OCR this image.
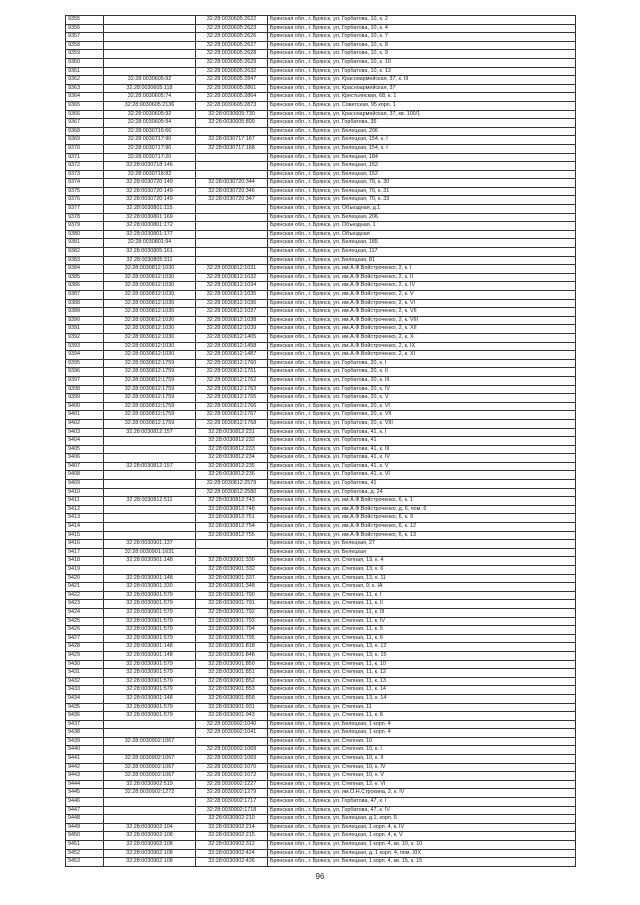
9355		32:28:0030605:2622	Брянская обл., г. Брянск, ул. Горбатова, 10, к. 2
9356		32:28:0030605:2623	Брянская обл., г. Брянск, ул. Горбатова, 10, к. 4
9357		32:28:0030605:2626	Брянская обл., г. Брянск, ул. Горбатова, 10, к. 7
9358		32:28:0030605:2627	Брянская обл., г. Брянск, ул. Горбатова, 10, к. 8
9359		32:28:0030605:2628	Брянская обл., г. Брянск, ул. Горбатова, 10, к. 9
9360		32:28:0030605:2629	Брянская обл., г. Брянск, ул. Горбатова, 10, к. 10
9361		32:28:0030605:2632	Брянская обл., г. Брянск, ул. Горбатова, 10, к. 13
9362	32:28:0030605:92	32:28:0030605:2847	Брянская обл., г. Брянск, ул. Красноармейская, 37, к. III
9363	32:28:0030605:118	32:28:0030605:2861	Брянская обл., г. Брянск, ул. Красноармейская, 37
9364	32:28:0030605:74	32:28:0030605:2864	Брянская обл., г. Брянск, ул. Крестьянская, 68, к. 1
9365	32:28:0030605:2136	32:28:0030605:2873	Брянская обл., г. Брянск, ул. Советская, 95 корп. 1
9366	32:28:0030605:92	32:28:0030605:730	Брянская обл., г. Брянск, ул. Красноармейская, 37, кв. 100/1
9367	32:28:0030605:94	32:28:0030605:809	Брянская обл., г. Брянск, ул. Горбатова, 35
9368	32:28:0030716:66		Брянская обл., г. Брянск, ул. Белецкая, 206
9369	32:28:0030717:90	32:28:0030717:167	Брянская обл., г. Брянск, ул. Белецкая, 154, к. I
9370	32:28:0030717:90	32:28:0030717:168	Брянская обл., г. Брянск, ул. Белецкая, 154, к. I
9371	32:28:0030717:20		Брянская обл., г. Брянск, ул. Белецкая, 184
9372	32:28:0030718:146		Брянская обл., г. Брянск, ул. Белецкая, 152
9373	32:28:0030718:82		Брянская обл., г. Брянск, ул. Белецкая, 152
9374	32:28:0030720:149	32:28:0030720:344	Брянская обл., г. Брянск, ул. Белецкая, 70, к. 30
9375	32:28:0030720:149	32:28:0030720:346	Брянская обл., г. Брянск, ул. Белецкая, 70, к. 31
9376	32:28:0030720:149	32:28:0030720:347	Брянская обл., г. Брянск, ул. Белецкая, 70, к. 33
9377	32:28:0030801:115		Брянская обл., г. Брянск, ул. Объездная, д.1
9378	32:28:0030801:169		Брянская обл., г. Брянск, ул. Белецкая, 206
9379	32:28:0030801:172		Брянская обл., г. Брянск, ул. Объездная, 1
9380	32:28:0030801:177		Брянская обл., г. Брянск, ул. Объездная
9381	32:28:0030801:94		Брянская обл., г. Брянск, ул. Белецкая, 185
9382	32:28:0030805:161		Брянская обл., г. Брянск, ул. Белецкая, 117
9383	32:28:0030805:311		Брянская обл., г. Брянск, ул. Белецкая, 81
9384	32:28:0030812:1030	32:28:0030812:1031	Брянская обл., г. Брянск, ул. им.А.Ф.Войстроченко, 2, к. I
9385	32:28:0030812:1030	32:28:0030812:1032	Брянская обл., г. Брянск, ул. им.А.Ф.Войстроченко, 2, к. II
9386	32:28:0030812:1030	32:28:0030812:1034	Брянская обл., г. Брянск, ул. им.А.Ф.Войстроченко, 2, к. IV
9387	32:28:0030812:1030	32:28:0030812:1035	Брянская обл., г. Брянск, ул. им.А.Ф.Войстроченко, 2, к. V
9388	32:28:0030812:1030	32:28:0030812:1036	Брянская обл., г. Брянск, ул. им.А.Ф.Войстроченко, 2, к. VI
9389	32:28:0030812:1030	32:28:0030812:1037	Брянская обл., г. Брянск, ул. им.А.Ф.Войстроченко, 2, к. VII
9390	32:28:0030812:1030	32:28:0030812:1038	Брянская обл., г. Брянск, ул. им.А.Ф.Войстроченко, 2, к. VIII
9391	32:28:0030812:1030	32:28:0030812:1039	Брянская обл., г. Брянск, ул. им.А.Ф.Войстроченко, 2, к. XII
9392	32:28:0030812:1030	32:28:0030812:1405	Брянская обл., г. Брянск, ул. им.А.Ф.Войстроченко, 2, к. X
9393	32:28:0030812:1030	32:28:0030812:1458	Брянская обл., г. Брянск, ул. им.А.Ф.Войстроченко, 2, к. IX
9394	32:28:0030812:1030	32:28:0030812:1487	Брянская обл., г. Брянск, ул. им.А.Ф.Войстроченко, 2, к. XI
9395	32:28:0030812:1759	32:28:0030812:1760	Брянская обл., г. Брянск, ул. Горбатова, 20, к. I
9396	32:28:0030812:1759	32:28:0030812:1761	Брянская обл., г. Брянск, ул. Горбатова, 20, к. II
9397	32:28:0030812:1759	32:28:0030812:1762	Брянская обл., г. Брянск, ул. Горбатова, 20, к. III
9398	32:28:0030812:1759	32:28:0030812:1763	Брянская обл., г. Брянск, ул. Горбатова, 20, к. IV
9399	32:28:0030812:1759	32:28:0030812:1765	Брянская обл., г. Брянск, ул. Горбатова, 20, к. V
9400	32:28:0030812:1759	32:28:0030812:1766	Брянская обл., г. Брянск, ул. Горбатова, 20, к. VI
9401	32:28:0030812:1759	32:28:0030812:1767	Брянская обл., г. Брянск, ул. Горбатова, 20, к. VII
9402	32:28:0030812:1759	32:28:0030812:1768	Брянская обл., г. Брянск, ул. Горбатова, 20, к. VIII
9403	32:28:0030812:157	32:28:0030812:231	Брянская обл., г. Брянск, ул. Горбатова, 41, к. I
9404		32:28:0030812:232	Брянская обл., г. Брянск, ул. Горбатова, 41
9405		32:28:0030812:233	Брянская обл., г. Брянск, ул. Горбатова, 41, к. III
9406		32:28:0030812:234	Брянская обл., г. Брянск, ул. Горбатова, 41, к. IV
9407	32:28:0030812:157	32:28:0030812:235	Брянская обл., г. Брянск, ул. Горбатова, 41, к. V
9408		32:28:0030812:236	Брянская обл., г. Брянск, ул. Горбатова, 41, к. VI
9409		32:28:0030812:2579	Брянская обл., г. Брянск, ул. Горбатова, 41
9410		32:28:0030812:2580	Брянская обл., г. Брянск, ул. Горбатова, д. 24
9411	32:28:0030812:511	32:28:0030812:743	Брянская обл., г. Брянск, ул. им.А.Ф.Войстроченко, 6, к. 1
9412		32:28:0030812:748	Брянская обл., г. Брянск, ул. им.А.Ф.Войстроченко, д. 6, пом. 6
9413		32:28:0030812:751	Брянская обл., г. Брянск, ул. им.А.Ф.Войстроченко, 6, к. 9
9414		32:28:0030812:754	Брянская обл., г. Брянск, ул. им.А.Ф.Войстроченко, 6, к. 12
9415		32:28:0030812:755	Брянская обл., г. Брянск, ул. им.А.Ф.Войстроченко, 6, к. 13
9416	32:28:0030901:137		Брянская обл., г. Брянск, ул. Белецкая, 27
9417	32:28:0030901:1631		Брянская обл., г. Брянск, ул. Белецкая
9418	32:28:0030901:148	32:28:0030901:330	Брянская обл., г. Брянск, ул. Степная, 13, к. 4
9419		32:28:0030901:332	Брянская обл., г. Брянск, ул. Степная, 13, к. 6
9420	32:28:0030901:148	32:28:0030901:337	Брянская обл., г. Брянск, ул. Степная, 13, к. 11
9421	32:28:0030901:330	32:28:0030901:348	Брянская обл., г. Брянск, ул. Степная, 9, к. IA
9422	32:28:0030901:579	32:28:0030901:790	Брянская обл., г. Брянск, ул. Степная, 11, к. I
9423	32:28:0030901:579	32:28:0030901:791	Брянская обл., г. Брянск, ул. Степная, 11, к. II
9424	32:28:0030901:579	32:28:0030901:792	Брянская обл., г. Брянск, ул. Степная, 11, к. III
9425	32:28:0030901:579	32:28:0030901:793	Брянская обл., г. Брянск, ул. Степная, 11, к. IV
9426	32:28:0030901:579	32:28:0030901:794	Брянская обл., г. Брянск, ул. Степная, 11, к. 5
9427	32:28:0030901:579	32:28:0030901:795	Брянская обл., г. Брянск, ул. Степная, 11, к. 6
9428	32:28:0030901:148	32:28:0030901:818	Брянская обл., г. Брянск, ул. Степная, 13, к. 12
9429	32:28:0030901:148	32:28:0030901:848	Брянская обл., г. Брянск, ул. Степная, 13, к. 15
9430	32:28:0030901:579	32:28:0030901:850	Брянская обл., г. Брянск, ул. Степная, 11, к. 10
9431	32:28:0030901:579	32:28:0030901:851	Брянская обл., г. Брянск, ул. Степная, 11, к. 12
9432	32:28:0030901:579	32:28:0030901:852	Брянская обл., г. Брянск, ул. Степная, 11, к. 13
9433	32:28:0030901:579	32:28:0030901:853	Брянская обл., г. Брянск, ул. Степная, 11, к. 14
9434	32:28:0030901:148	32:28:0030901:858	Брянская обл., г. Брянск, ул. Степная, 13, к. 14
9435	32:28:0030901:579	32:28:0030901:931	Брянская обл., г. Брянск, ул. Степная, 11
9436	32:28:0030901:579	32:28:0030901:943	Брянская обл., г. Брянск, ул. Степная, 11, к. 8
9437		32:28:0030902:1040	Брянская обл., г. Брянск, ул. Белецкая, 1 корп. 4
9438		32:28:0030902:1041	Брянская обл., г. Брянск, ул. Белецкая, 1 корп. 4
9439	32:28:0030902:1067		Брянская обл., г. Брянск, ул. Степная, 10
9440		32:28:0030902:1068	Брянская обл., г. Брянск, ул. Степная, 10, к. I
9441	32:28:0030902:1067	32:28:0030902:1069	Брянская обл., г. Брянск, ул. Степная, 10, к. II
9442	32:28:0030902:1067	32:28:0030902:1070	Брянская обл., г. Брянск, ул. Степная, 10, к. IV
9443	32:28:0030902:1067	32:28:0030902:1072	Брянская обл., г. Брянск, ул. Степная, 10, к. V
9444	32:28:0030902:519	32:28:0030902:1227	Брянская обл., г. Брянск, ул. Степная, 12, к. VI
9445	32:28:0030902:1272	32:28:0030902:1279	Брянская обл., г. Брянск, ул. им.О.Н.Строкина, 2, к. IV
9446		32:28:0030902:1717	Брянская обл., г. Брянск, ул. Горбатова, 47, к. I
9447		32:28:0030902:1718	Брянская обл., г. Брянск, ул. Горбатова, 47, к. IV
9448		32:28:0030902:210	Брянская обл., г. Брянск, ул. Белецкая, д.1, корп. 5
9449	32:28:0030902:104	32:28:0030902:214	Брянская обл., г. Брянск, ул. Белецкая, 1 корп. 4, к. IV
9450	32:28:0030902:108	32:28:0030902:215	Брянская обл., г. Брянск, ул. Белецкая, 1 корп. 4, к. V
9451	32:28:0030902:108	32:28:0030902:312	Брянская обл., г. Брянск, ул. Белецкая, 1 корп. 4, кв. 10, к. 10
9452	32:28:0030902:108	32:28:0030902:424	Брянская обл., г. Брянск, ул. Белецкая, д. 1 корп. 4, пом. XIX
9453	32:28:0030902:108	32:28:0030902:436	Брянская обл., г. Брянск, ул. Белецкая, 1 корп. 4, кв. 15, к. 15
96
